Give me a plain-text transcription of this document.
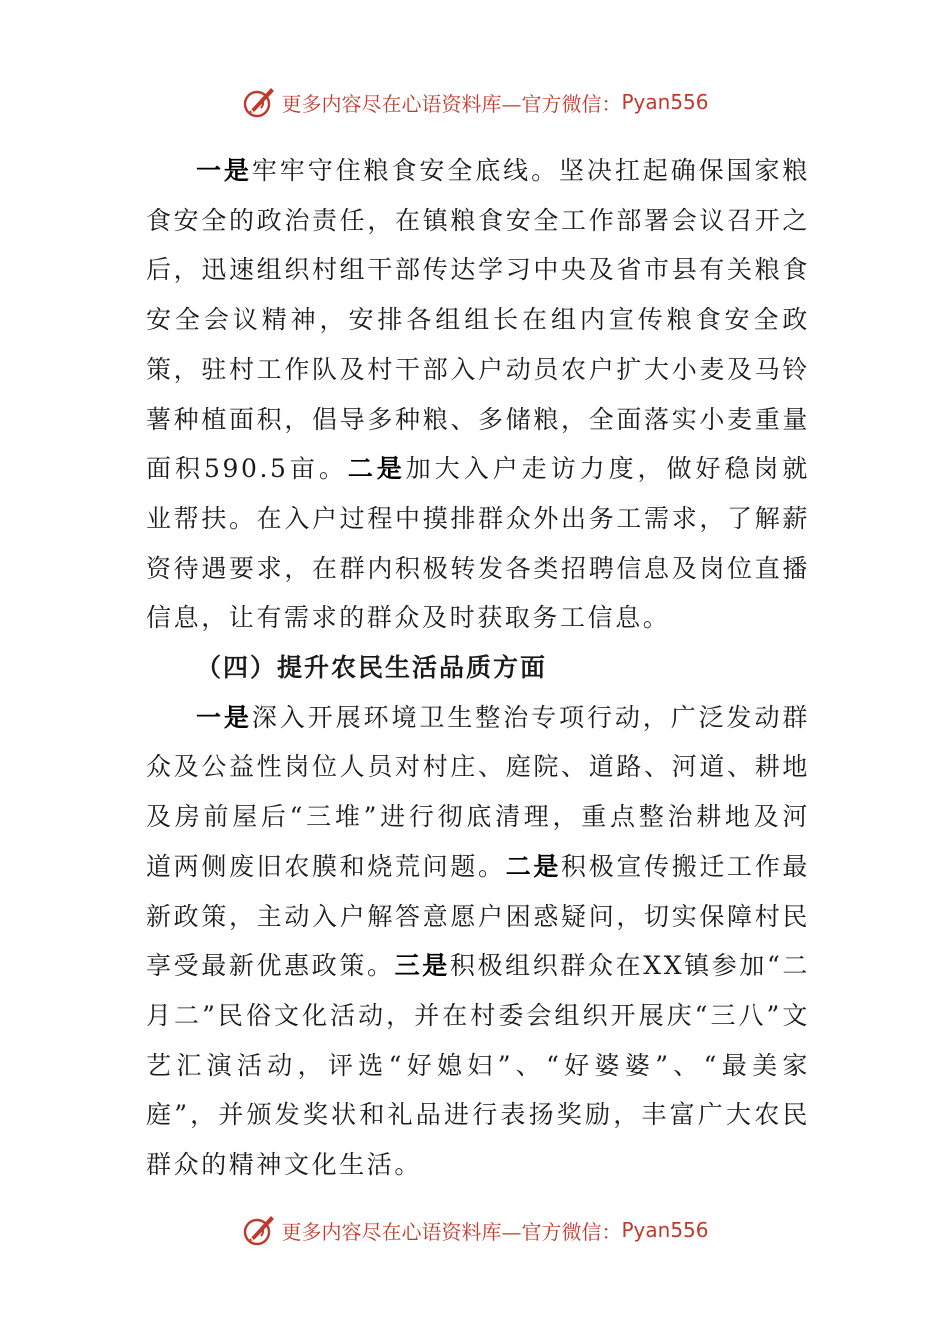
更多内容尽在心语资料库—官方微信： Pyan556

一是牢牢守住粮食安全底线。坚决扛起确保国家粮食安全的政治责任，在镇粮食安全工作部署会议召开之后，迅速组织村组干部传达学习中央及省市县有关粮食安全会议精神，安排各组组长在组内宣传粮食安全政策，驻村工作队及村干部入户动员农户扩大小麦及马铃薯种植面积，倡导多种粮、多储粮，全面落实小麦重量面积590.5亩。二是加大入户走访力度，做好稳岗就业帮扶。在入户过程中摸排群众外出务工需求，了解薪资待遇要求，在群内积极转发各类招聘信息及岗位直播信息，让有需求的群众及时获取务工信息。

（四）提升农民生活品质方面

一是深入开展环境卫生整治专项行动，广泛发动群众及公益性岗位人员对村庄、庭院、道路、河道、耕地及房前屋后“三堆”进行彻底清理，重点整治耕地及河道两侧废旧农膜和烧荒问题。二是积极宣传搬迁工作最新政策，主动入户解答意愿户困惑疑问，切实保障村民享受最新优惠政策。三是积极组织群众在XX镇参加“二月二”民俗文化活动，并在村委会组织开展庆“三八”文艺汇演活动，评选“好媳妇”、“好婆婆”、“最美家庭”，并颁发奖状和礼品进行表扬奖励，丰富广大农民群众的精神文化生活。

更多内容尽在心语资料库—官方微信： Pyan556
